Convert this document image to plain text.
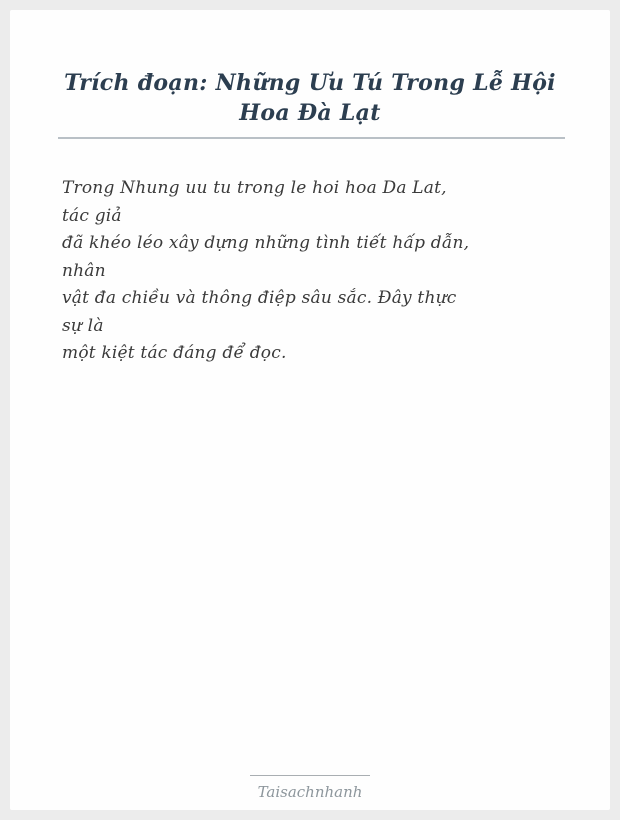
Trích đoạn: Những Ưu Tú Trong Lễ Hội Hoa Đà Lạt

Trong Nhung uu tu trong le hoi hoa Da Lat,

tác giả

đã khéo léo xây dựng những tình tiết hấp dẫn,

nhân

vật đa chiều và thông điệp sâu sắc. Đây thực

sự là

một kiệt tác đáng để đọc.

Taisachnhanh
